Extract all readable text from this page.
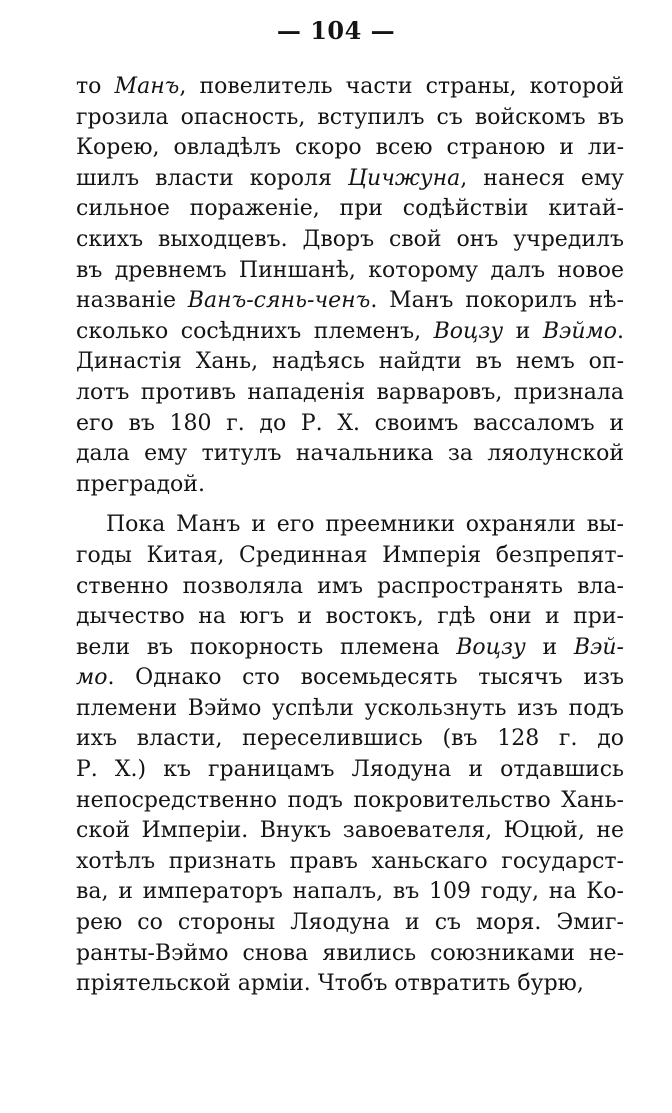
— 104 —
то Манъ, повелитель части страны, которой
грозила опасность, вступилъ съ войскомъ въ
Корею, овладѣлъ скоро всею страною и ли-
шилъ власти короля Цичжуна, нанеся ему
сильное пораженіе, при содѣйствіи китай-
скихъ выходцевъ. Дворъ свой онъ учредилъ
въ древнемъ Пиншанѣ, которому далъ новое
названіе Ванъ-сянь-ченъ. Манъ покорилъ нѣ-
сколько сосѣднихъ племенъ, Воцзу и Вэймо.
Династія Хань, надѣясь найдти въ немъ оп-
лотъ противъ нападенія варваровъ, признала
его въ 180 г. до Р. Х. своимъ вассаломъ и
дала ему титулъ начальника за ляолунской
преградой.
Пока Манъ и его преемники охраняли вы-
годы Китая, Срединная Имперія безпрепят-
ственно позволяла имъ распространять вла-
дычество на югъ и востокъ, гдѣ они и при-
вели въ покорность племена Воцзу и Вэй-
мо. Однако сто восемьдесять тысячъ изъ
племени Вэймо успѣли ускользнуть изъ подъ
ихъ власти, переселившись (въ 128 г. до
Р. Х.) къ границамъ Ляодуна и отдавшись
непосредственно подъ покровительство Хань-
ской Имперіи. Внукъ завоевателя, Юцюй, не
хотѣлъ признать правъ ханьскаго государст-
ва, и императоръ напалъ, въ 109 году, на Ко-
рею со стороны Ляодуна и съ моря. Эмиг-
ранты-Вэймо снова явились союзниками не-
пріятельской арміи. Чтобъ отвратить бурю,
